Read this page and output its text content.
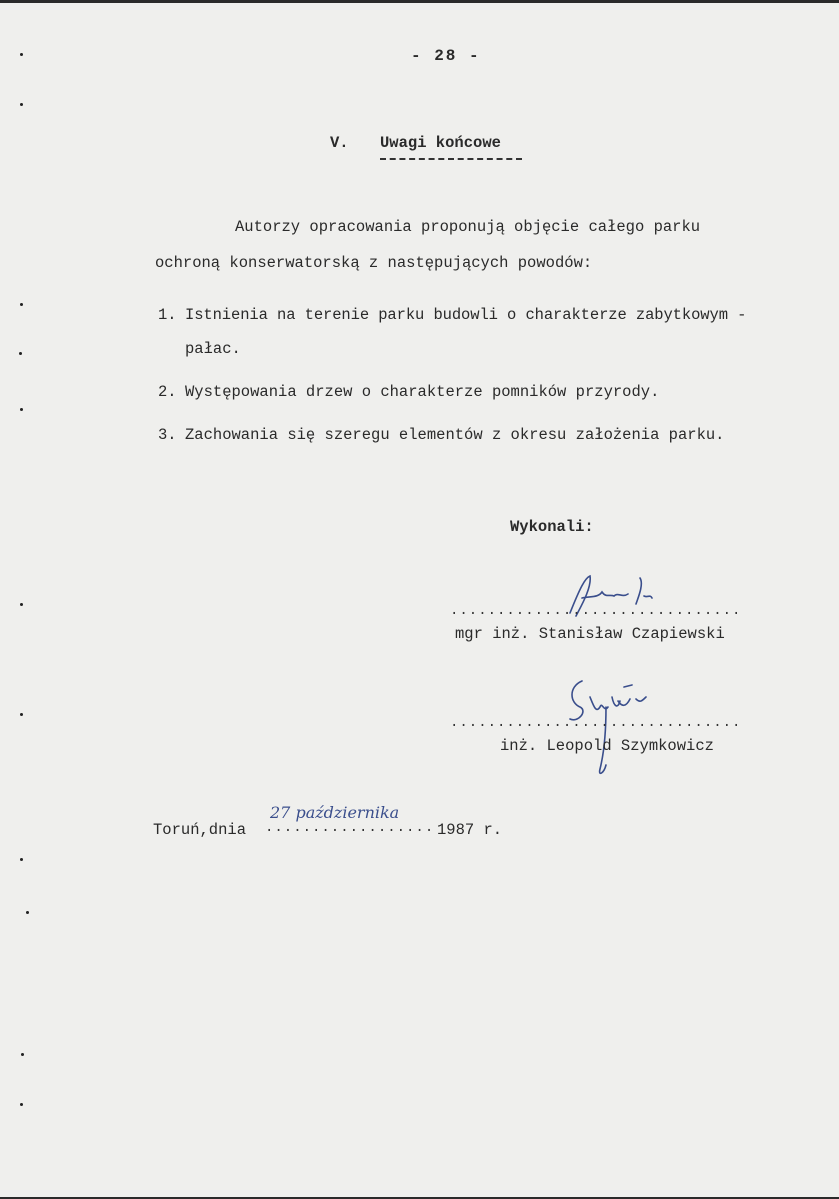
- 28 -
V. Uwagi końcowe
Autorzy opracowania proponują objęcie całego parku
ochroną konserwatorską z następujących powodów:
1. Istnienia na terenie parku budowli o charakterze zabytkowym -
pałac.
2. Występowania drzew o charakterze pomników przyrody.
3. Zachowania się szeregu elementów z okresu założenia parku.
Wykonali:
...............................
mgr inż. Stanisław Czapiewski
...............................
inż. Leopold Szymkowicz
Toruń,dnia ..................
27 października
1987 r.
